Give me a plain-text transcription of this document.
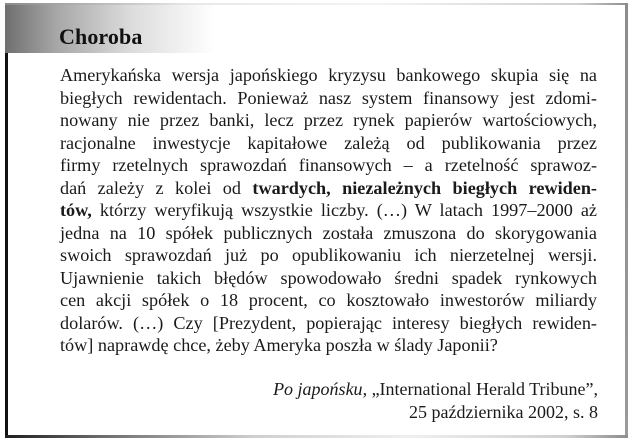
Choroba
Amerykańska wersja japońskiego kryzysu bankowego skupia się na
biegłych rewidentach. Ponieważ nasz system finansowy jest zdomi-
nowany nie przez banki, lecz przez rynek papierów wartościowych,
racjonalne inwestycje kapitałowe zależą od publikowania przez
firmy rzetelnych sprawozdań finansowych – a rzetelność sprawoz-
dań zależy z kolei od twardych, niezależnych biegłych rewiden-
tów, którzy weryfikują wszystkie liczby. (…) W latach 1997–2000 aż
jedna na 10 spółek publicznych została zmuszona do skorygowania
swoich sprawozdań już po opublikowaniu ich nierzetelnej wersji.
Ujawnienie takich błędów spowodowało średni spadek rynkowych
cen akcji spółek o 18 procent, co kosztowało inwestorów miliardy
dolarów. (…) Czy [Prezydent, popierając interesy biegłych rewiden-
tów] naprawdę chce, żeby Ameryka poszła w ślady Japonii?
Po japońsku, „International Herald Tribune”,
25 października 2002, s. 8
